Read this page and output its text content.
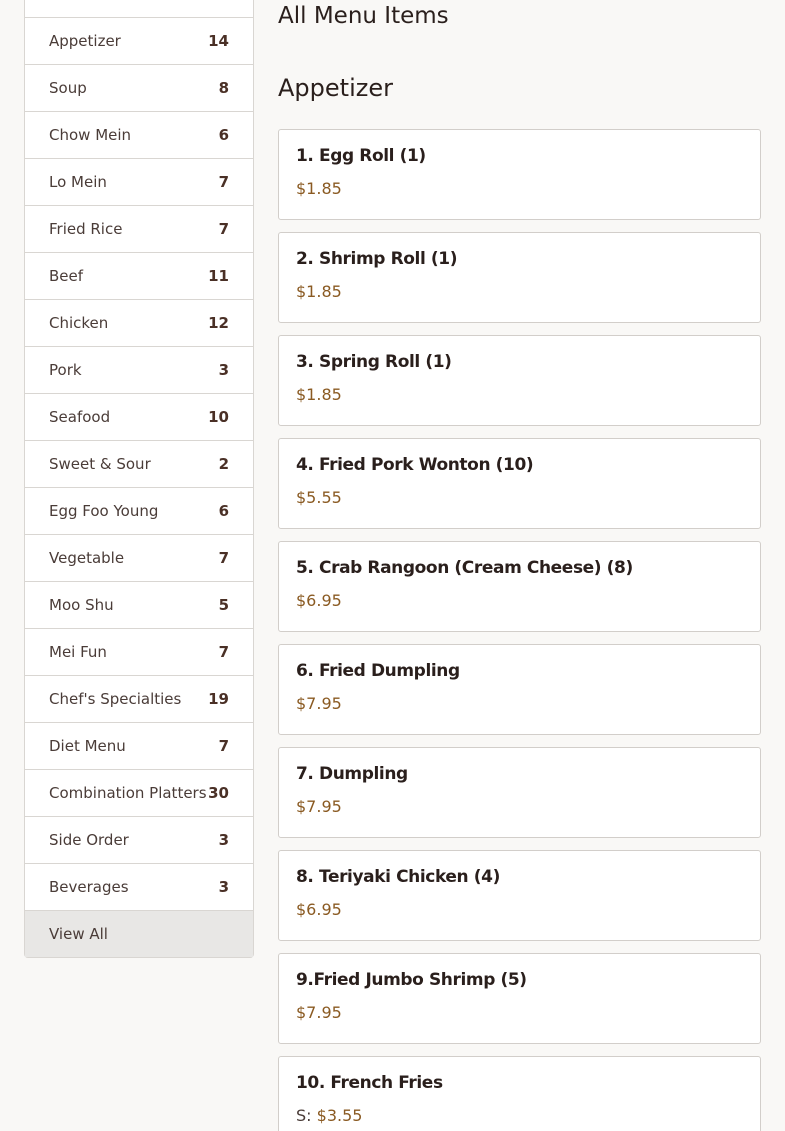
Appetizer	14
Soup	8
Chow Mein	6
Lo Mein	7
Fried Rice	7
Beef	11
Chicken	12
Pork	3
Seafood	10
Sweet & Sour	2
Egg Foo Young	6
Vegetable	7
Moo Shu	5
Mei Fun	7
Chef's Specialties 19
Diet Menu	7
Combination Platters 30
Side Order	3
Beverages	3
View All
All Menu Items
Appetizer
1. Egg Roll (1)
$1.85
2. Shrimp Roll (1)
$1.85
3. Spring Roll (1)
$1.85
4. Fried Pork Wonton (10)
$5.55
5. Crab Rangoon (Cream Cheese) (8)
$6.95
6. Fried Dumpling
$7.95
7. Dumpling
$7.95
8. Teriyaki Chicken (4)
$6.95
9.Fried Jumbo Shrimp (5)
$7.95
10. French Fries
S: $3.55
